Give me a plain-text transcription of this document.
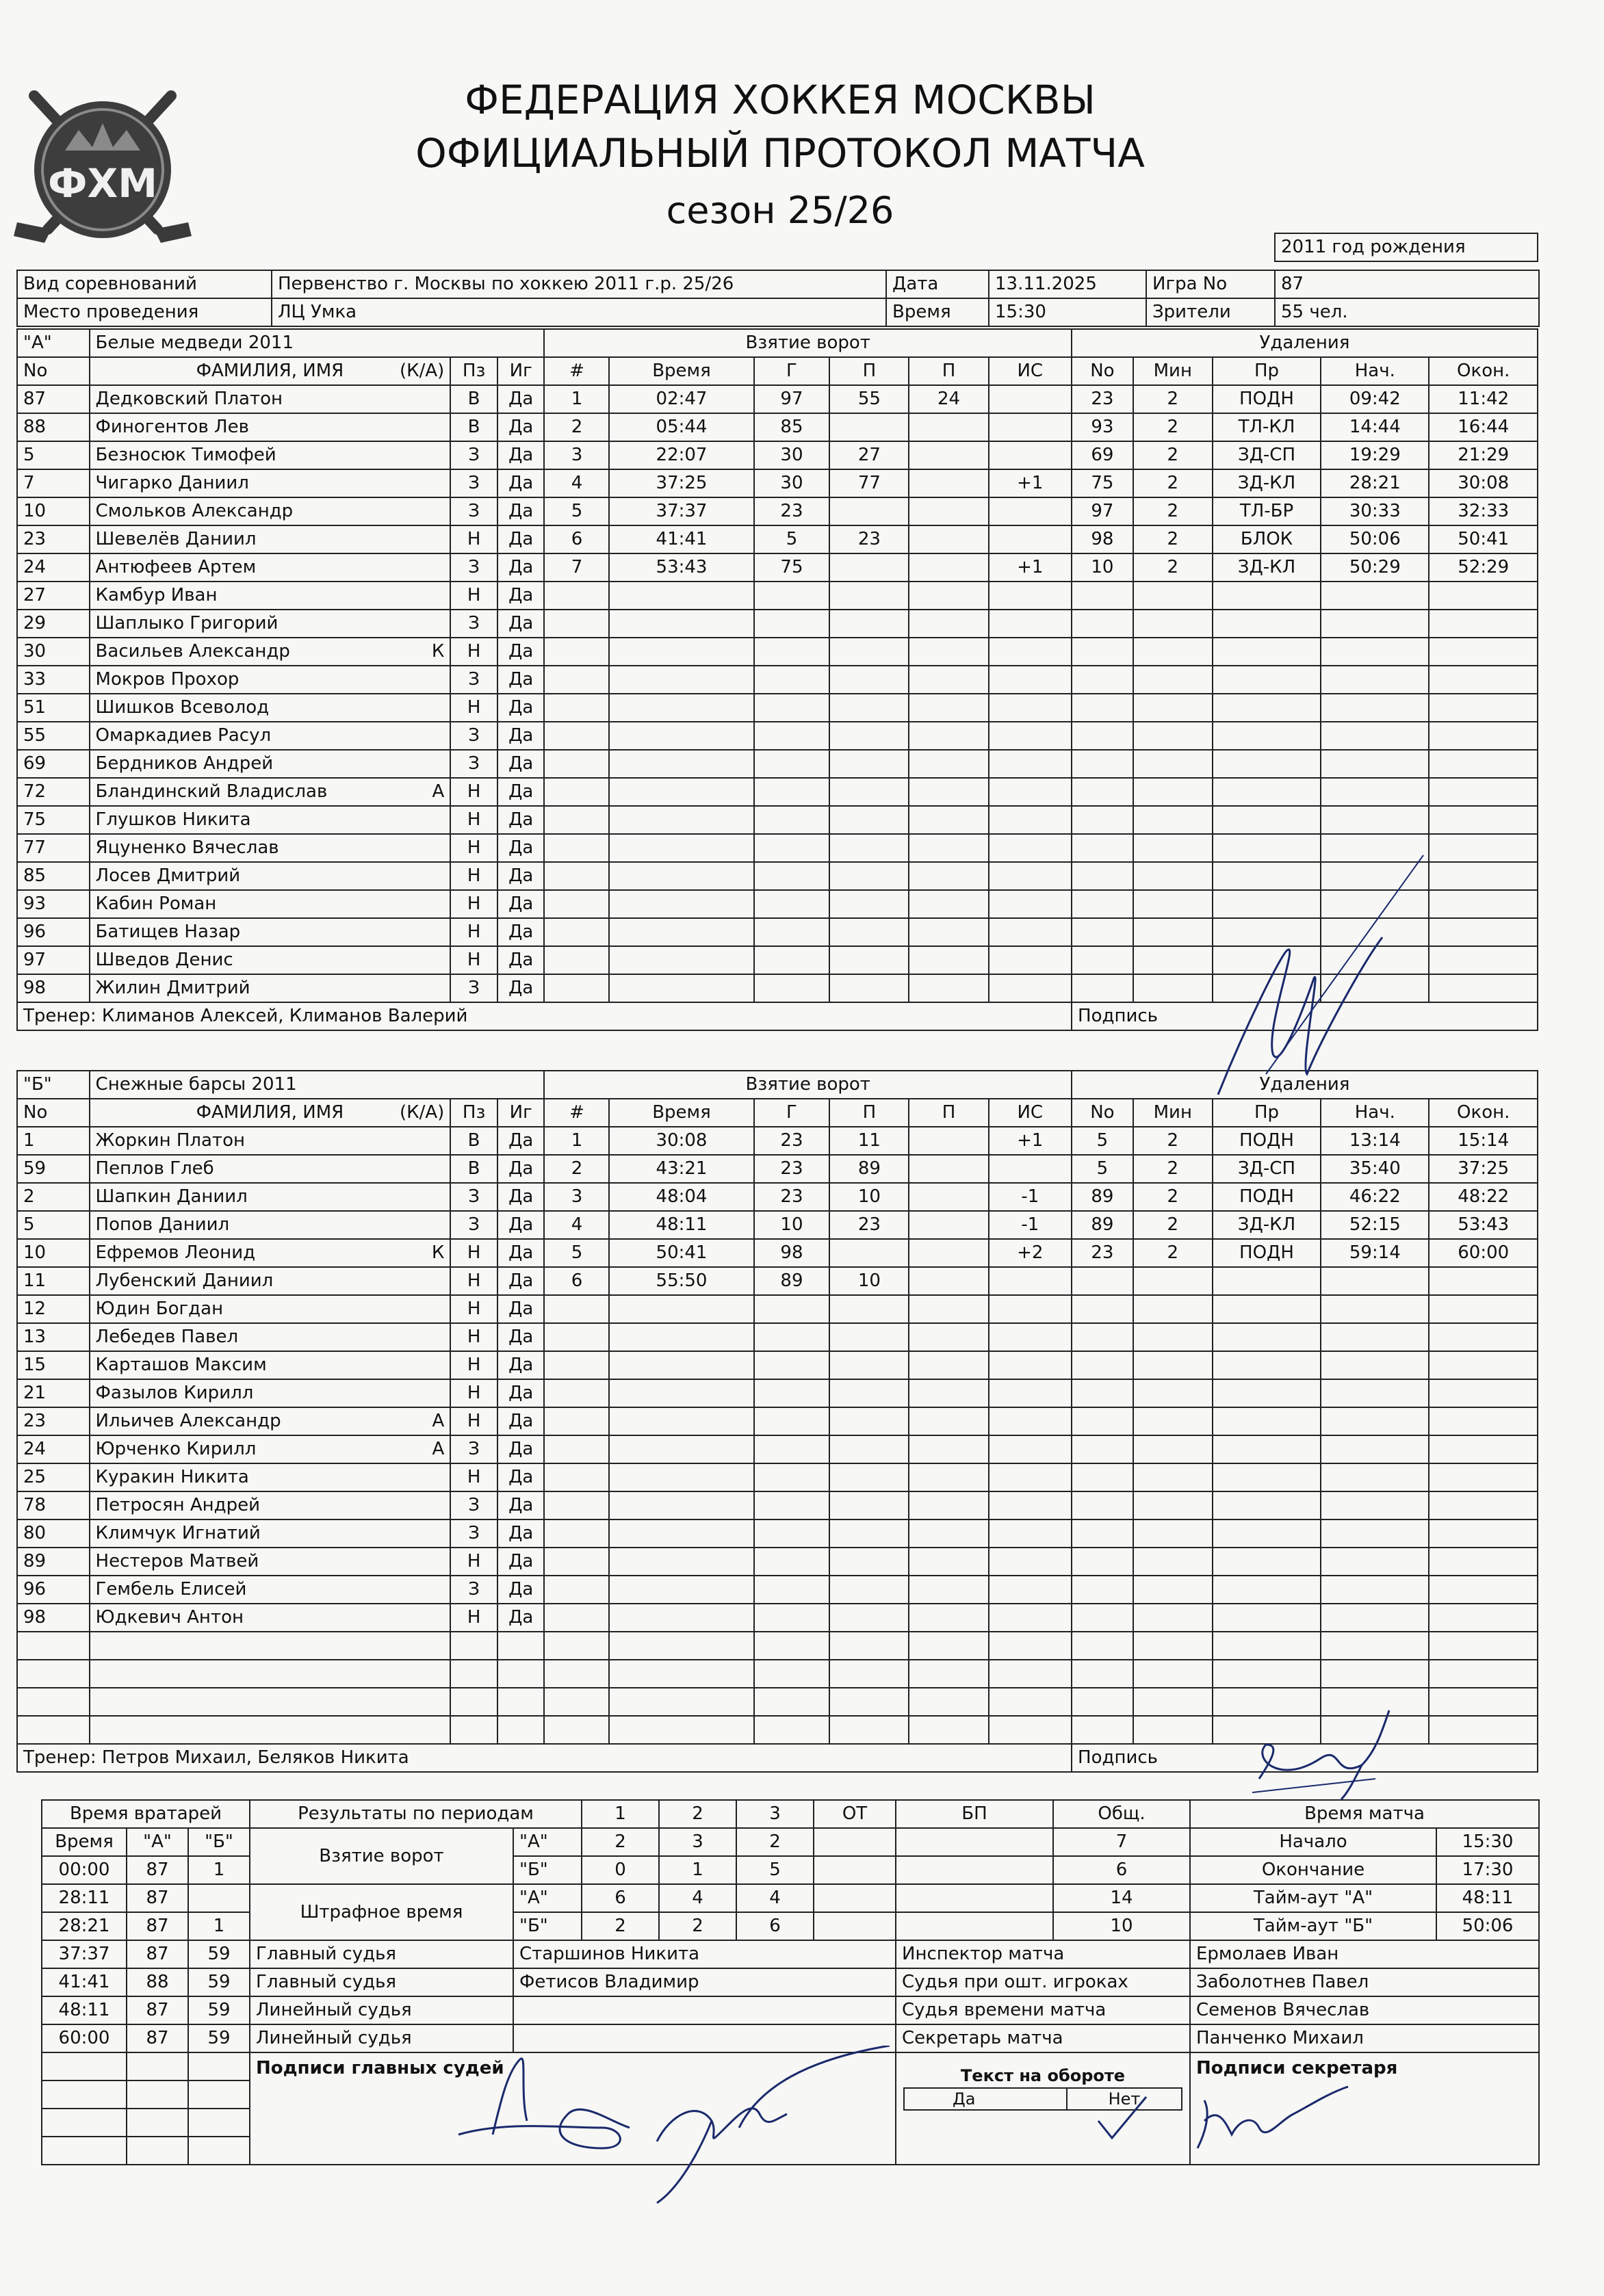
ФХМ
ФЕДЕРАЦИЯ ХОККЕЯ МОСКВЫ
ОФИЦИАЛЬНЫЙ ПРОТОКОЛ МАТЧА
сезон 25/26
2011 год рождения
Вид соревнований	Первенство г. Москвы по хоккею 2011 г.р. 25/26	Дата	13.11.2025	Игра No	87
Место проведения	ЛЦ Умка	Время	15:30	Зрители	55 чел.
"А"	Белые медведи 2011			Взятие ворот						Удаления				
No	ФАМИЛИЯ, ИМЯ (К/А)	Пз	Иг	#	Время	Г	П	П	ИС	No	Мин	Пр	Нач.	Окон.
87	Дедковский Платон	В	Да	1	02:47	97	55	24		23	2	ПОДН	09:42	11:42
88	Финогентов Лев	В	Да	2	05:44	85				93	2	ТЛ-КЛ	14:44	16:44
5	Безносюк Тимофей	З	Да	3	22:07	30	27			69	2	ЗД-СП	19:29	21:29
7	Чигарко Даниил	З	Да	4	37:25	30	77		+1	75	2	ЗД-КЛ	28:21	30:08
10	Смольков Александр	З	Да	5	37:37	23				97	2	ТЛ-БР	30:33	32:33
23	Шевелёв Даниил	Н	Да	6	41:41	5	23			98	2	БЛОК	50:06	50:41
24	Антюфеев Артем	З	Да	7	53:43	75			+1	10	2	ЗД-КЛ	50:29	52:29
27	Камбур Иван	Н	Да											
29	Шаплыко Григорий	З	Да											
30	Васильев Александр К	Н	Да											
33	Мокров Прохор	З	Да											
51	Шишков Всеволод	Н	Да											
55	Омаркадиев Расул	З	Да											
69	Бердников Андрей	З	Да											
72	Бландинский Владислав А	Н	Да											
75	Глушков Никита	Н	Да											
77	Яцуненко Вячеслав	Н	Да											
85	Лосев Дмитрий	Н	Да											
93	Кабин Роман	Н	Да											
96	Батищев Назар	Н	Да											
97	Шведов Денис	Н	Да											
98	Жилин Дмитрий	З	Да											
Тренер: Климанов Алексей, Климанов Валерий										Подпись				
"Б"	Снежные барсы 2011			Взятие ворот						Удаления				
No	ФАМИЛИЯ, ИМЯ (К/А)	Пз	Иг	#	Время	Г	П	П	ИС	No	Мин	Пр	Нач.	Окон.
1	Жоркин Платон	В	Да	1	30:08	23	11		+1	5	2	ПОДН	13:14	15:14
59	Пеплов Глеб	В	Да	2	43:21	23	89			5	2	ЗД-СП	35:40	37:25
2	Шапкин Даниил	З	Да	3	48:04	23	10		-1	89	2	ПОДН	46:22	48:22
5	Попов Даниил	З	Да	4	48:11	10	23		-1	89	2	ЗД-КЛ	52:15	53:43
10	Ефремов Леонид К	Н	Да	5	50:41	98			+2	23	2	ПОДН	59:14	60:00
11	Лубенский Даниил	Н	Да	6	55:50	89	10							
12	Юдин Богдан	Н	Да											
13	Лебедев Павел	Н	Да											
15	Карташов Максим	Н	Да											
21	Фазылов Кирилл	Н	Да											
23	Ильичев Александр А	Н	Да											
24	Юрченко Кирилл А	З	Да											
25	Куракин Никита	Н	Да											
78	Петросян Андрей	З	Да											
80	Климчук Игнатий	З	Да											
89	Нестеров Матвей	Н	Да											
96	Гембель Елисей	З	Да											
98	Юдкевич Антон	Н	Да											

Тренер: Петров Михаил, Беляков Никита										Подпись				
Время вратарей			Результаты по периодам		1	2	3	ОТ	БП	Общ.	Время матча	
Время	"А"	"Б"	Взятие ворот	"А"	2	3	2			7	Начало	15:30
00:00	87	1		"Б"	0	1	5			6	Окончание	17:30
28:11	87		Штрафное время	"А"	6	4	4			14	Тайм-аут "А"	48:11
28:21	87	1		"Б"	2	2	6			10	Тайм-аут "Б"	50:06
37:37	87	59	Главный судья	Старшинов Никита					Инспектор матча		Ермолаев Иван	
41:41	88	59	Главный судья	Фетисов Владимир					Судья при ошт. игроках		Заболотнев Павел	
48:11	87	59	Линейный судья						Судья времени матча		Семенов Вячеслав	
60:00	87	59	Линейный судья						Секретарь матча		Панченко Михаил	
			Подписи главных судей						Текст на обороте
Да Нет		Подписи секретаря	
